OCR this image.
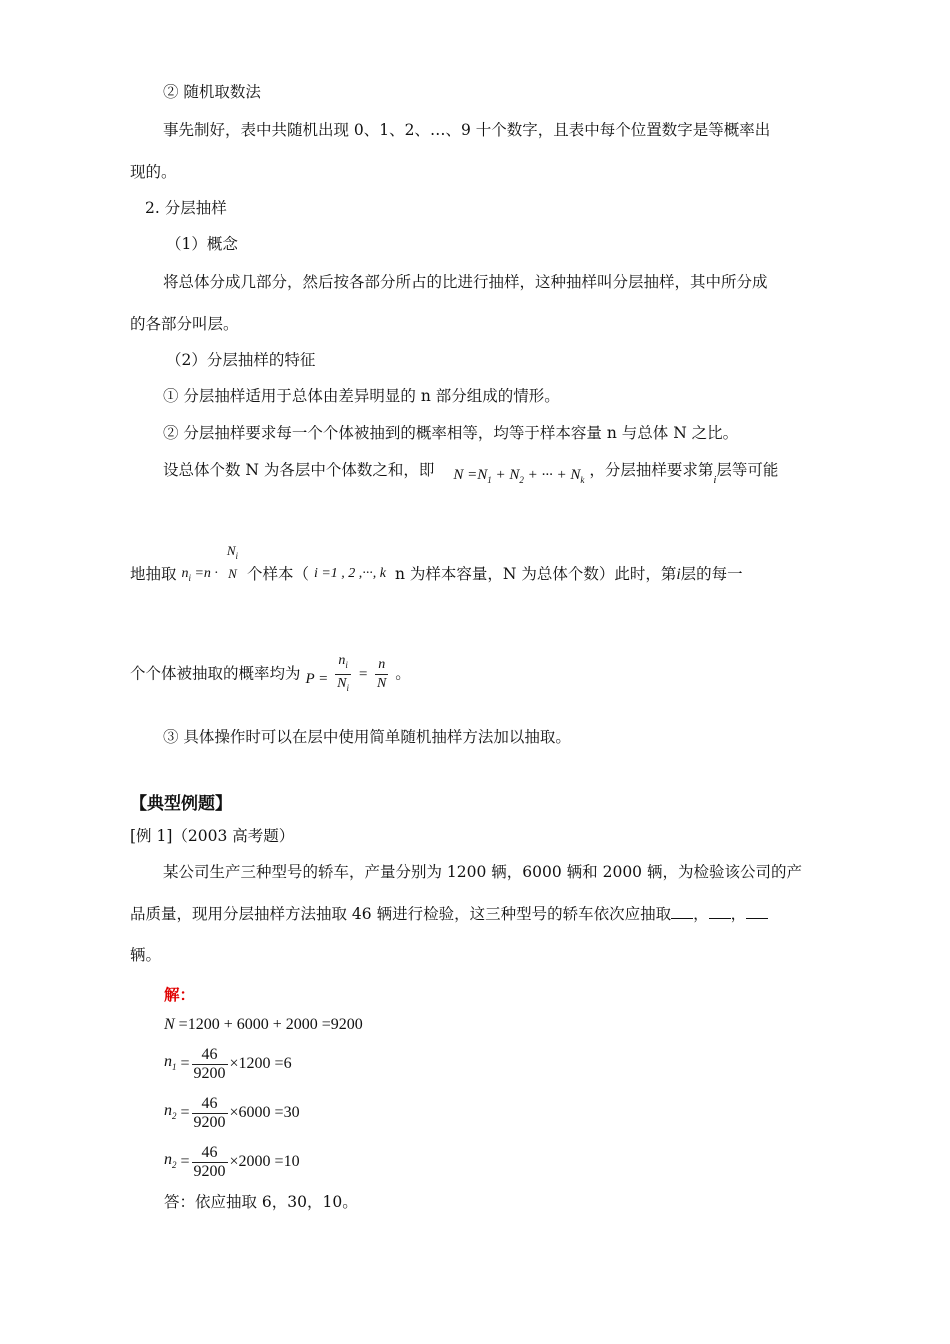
② 随机取数法
事先制好，表中共随机出现 0、1、2、…、9 十个数字，且表中每个位置数字是等概率出
现的。
2. 分层抽样
（1）概念
将总体分成几部分，然后按各部分所占的比进行抽样，这种抽样叫分层抽样，其中所分成
的各部分叫层。
（2）分层抽样的特征
① 分层抽样适用于总体由差异明显的 n 部分组成的情形。
② 分层抽样要求每一个个体被抽到的概率相等，均等于样本容量 n 与总体 N 之比。
设总体个数 N 为各层中个体数之和，即 $N =N_1 + N_2$ + ··· + $N_k$ ，分层抽样要求第$_i$层等可能
地抽取 $n_i =n$ ·
$N_i$
N 个样本（ i =1 , 2 ,···, k n 为样本容量，N 为总体个数）此时，第i层的每一
个个体被抽取的概率均为 $P = \frac{n_i}{N_i} = \frac{n}{N}$ 。
③ 具体操作时可以在层中使用简单随机抽样方法加以抽取。
【典型例题】
[例 1]（2003 高考题）
某公司生产三种型号的轿车，产量分别为 1200 辆，6000 辆和 2000 辆，为检验该公司的产
品质量，现用分层抽样方法抽取 46 辆进行检验，这三种型号的轿车依次应抽取 ， ，
辆。
解：
N =1200 + 6000 + 2000 =9200
$n_1 = \frac{46}{9200} \times 1200 =6$
$n_2 = \frac{46}{9200} \times 6000 =30$
$n_2 = \frac{46}{9200} \times 2000 =10$
答：依应抽取 6，30，10。
